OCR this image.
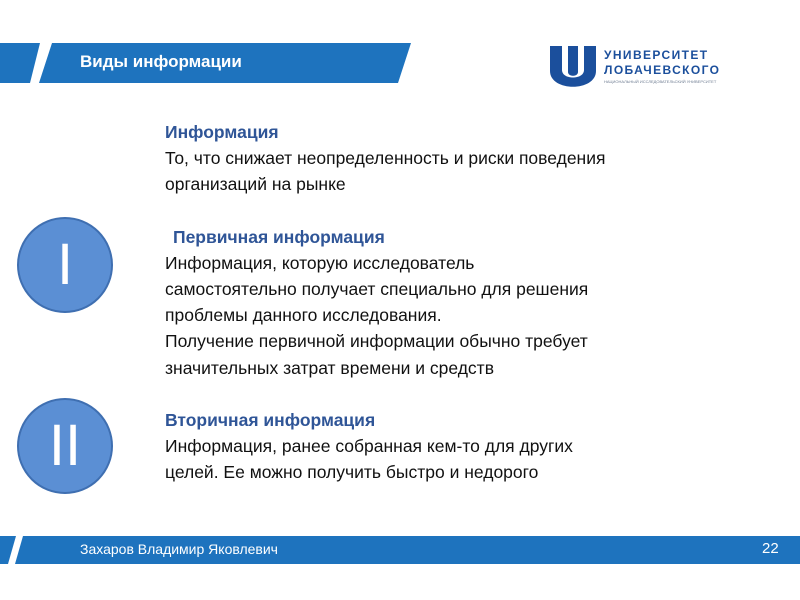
Виды информации	УНИВЕРСИТЕТ
ЛОБАЧЕВСКОГО
НАЦИОНАЛЬНЫЙ ИССЛЕДОВАТЕЛЬСКИЙ УНИВЕРСИТЕТ
I
II
Информация
То, что снижает неопределенность и риски поведения
организаций на рынке
Первичная информация
Информация, которую исследователь
самостоятельно получает специально для решения
проблемы данного исследования.
Получение первичной информации обычно требует
значительных затрат времени и средств
Вторичная информация
Информация, ранее собранная кем-то для других
целей. Ее можно получить быстро и недорого
Захаров Владимир Яковлевич	22
